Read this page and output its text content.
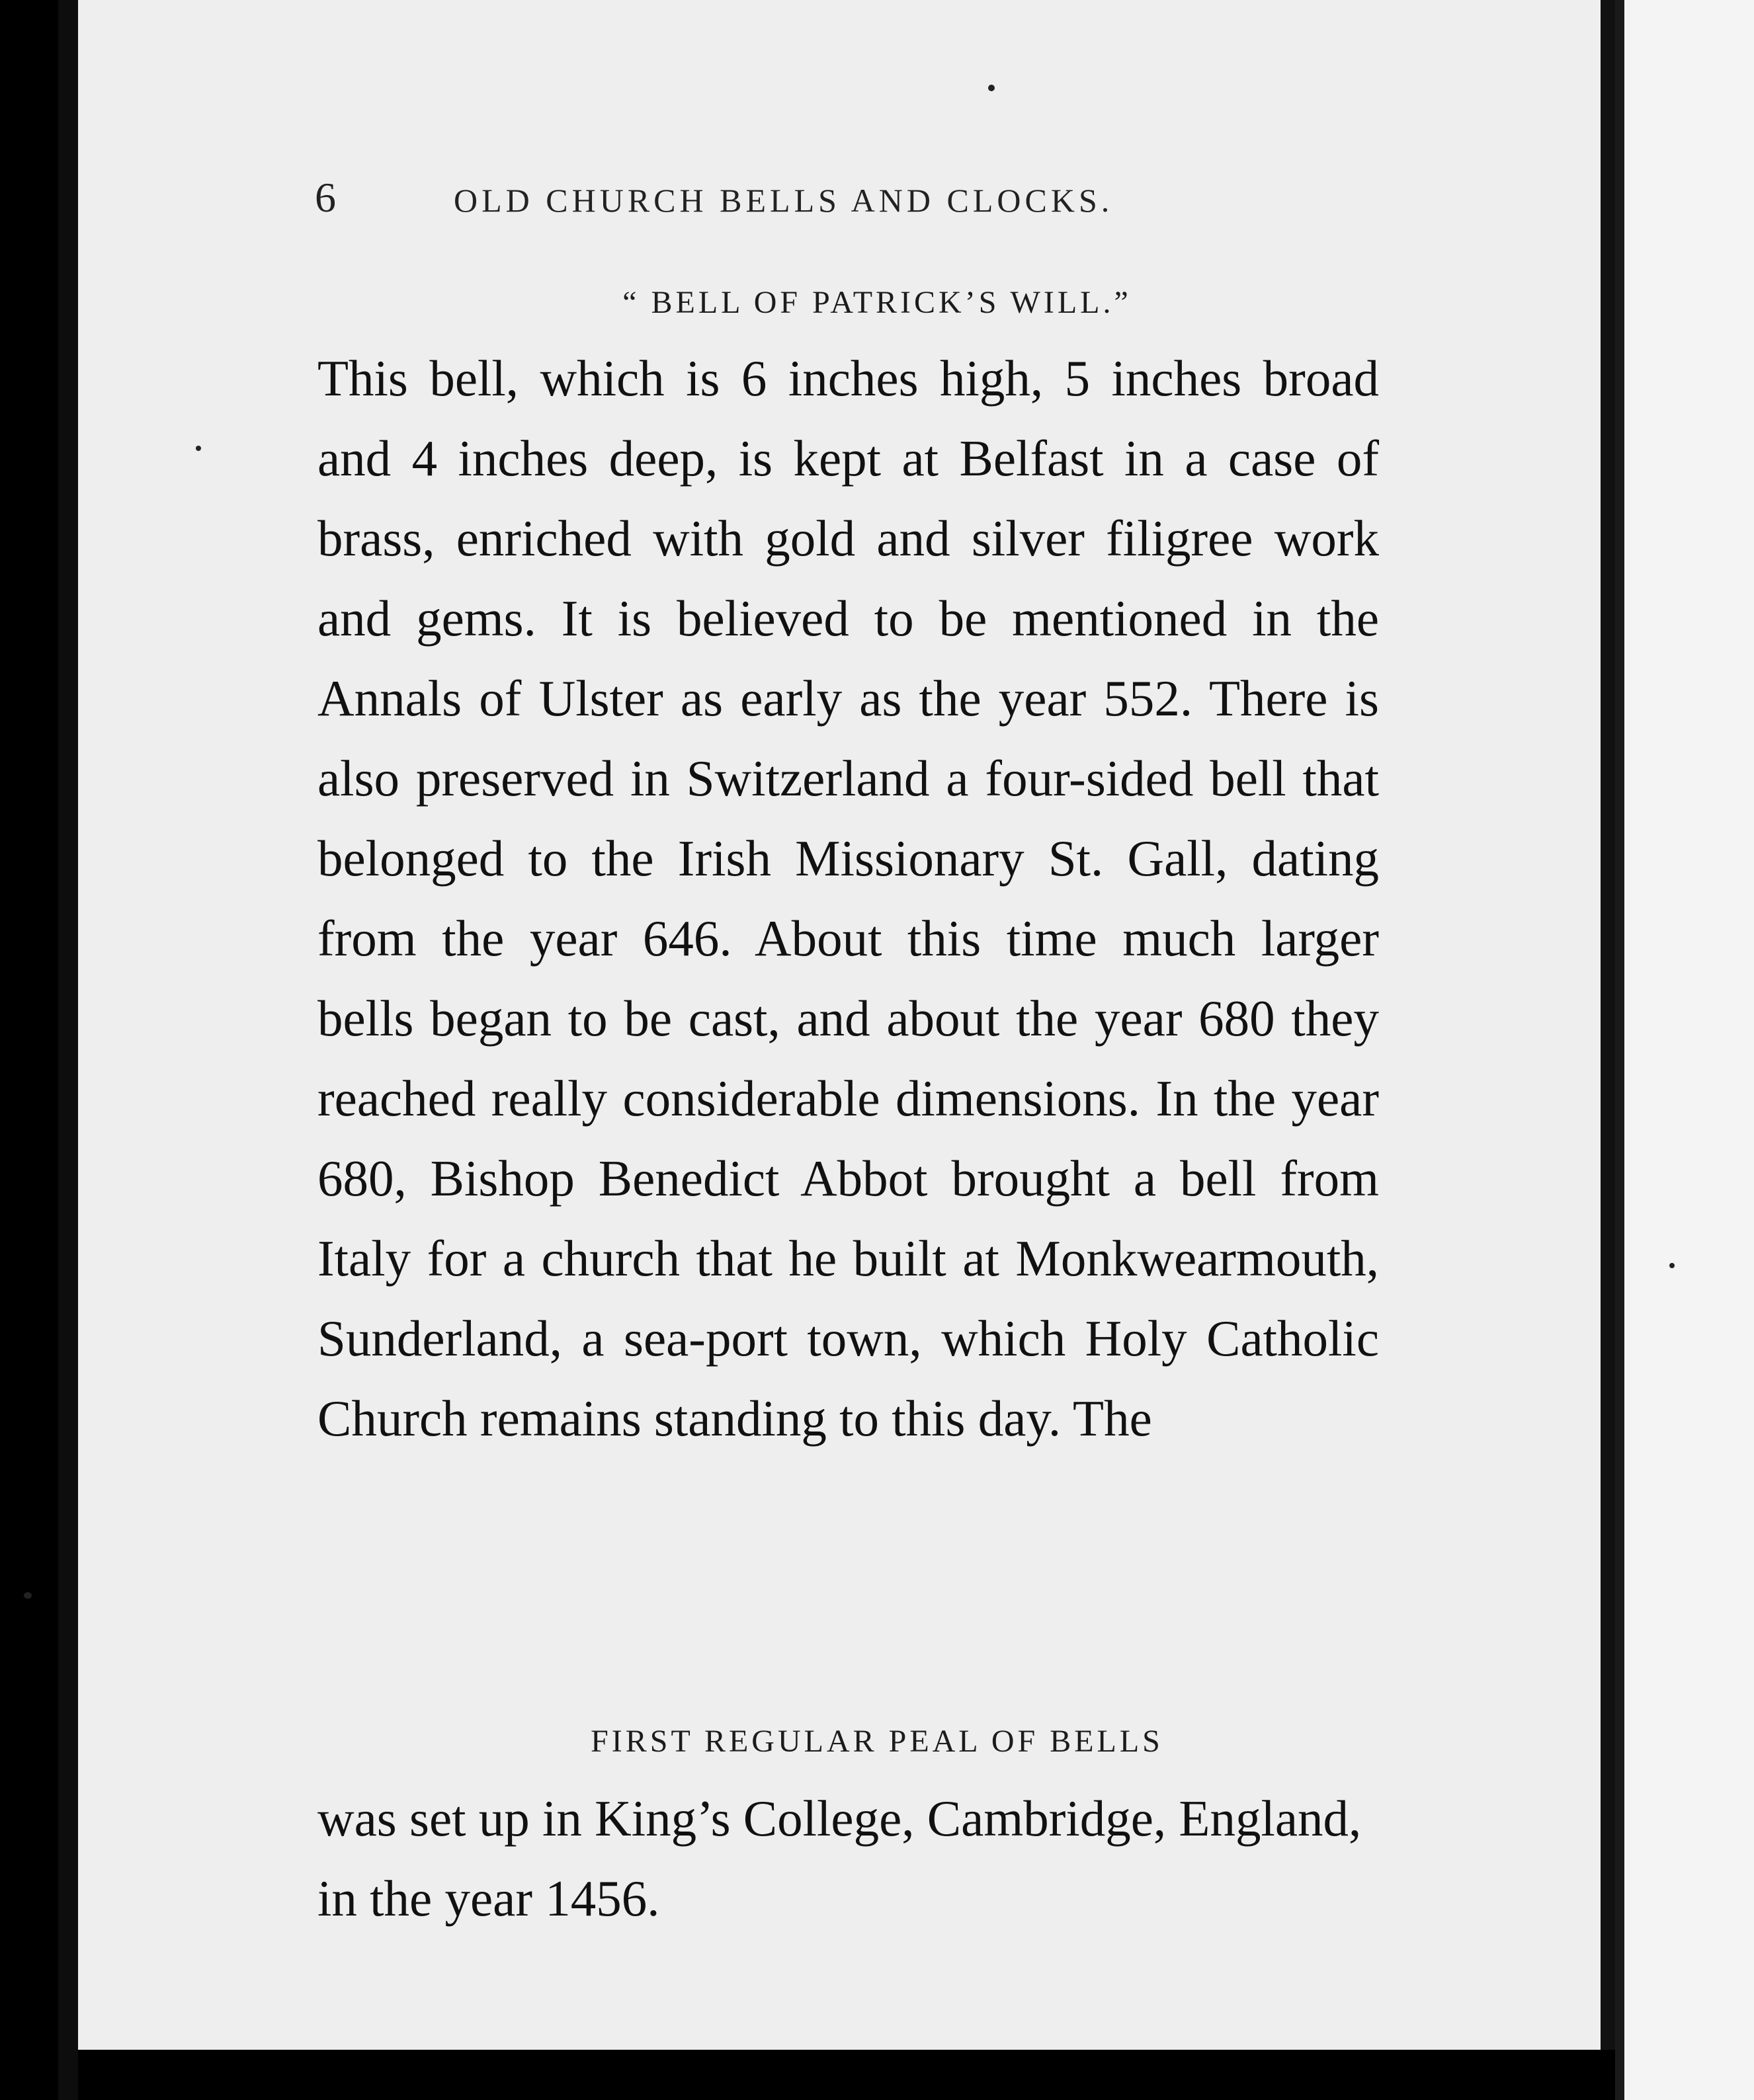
6	OLD CHURCH BELLS AND CLOCKS.
“ BELL OF PATRICK’S WILL.”
This bell, which is 6 inches high, 5 inches broad and 4 inches deep, is kept at Belfast in a case of brass, enriched with gold and silver filigree work and gems. It is believed to be mentioned in the Annals of Ulster as early as the year 552. There is also preserved in Switzerland a four-sided bell that belonged to the Irish Missionary St. Gall, dating from the year 646. About this time much larger bells began to be cast, and about the year 680 they reached really considerable dimensions. In the year 680, Bishop Benedict Abbot brought a bell from Italy for a church that he built at Monkwearmouth, Sunderland, a sea-port town, which Holy Catholic Church remains standing to this day. The
FIRST REGULAR PEAL OF BELLS
was set up in King’s College, Cambridge, England, in the year 1456.
